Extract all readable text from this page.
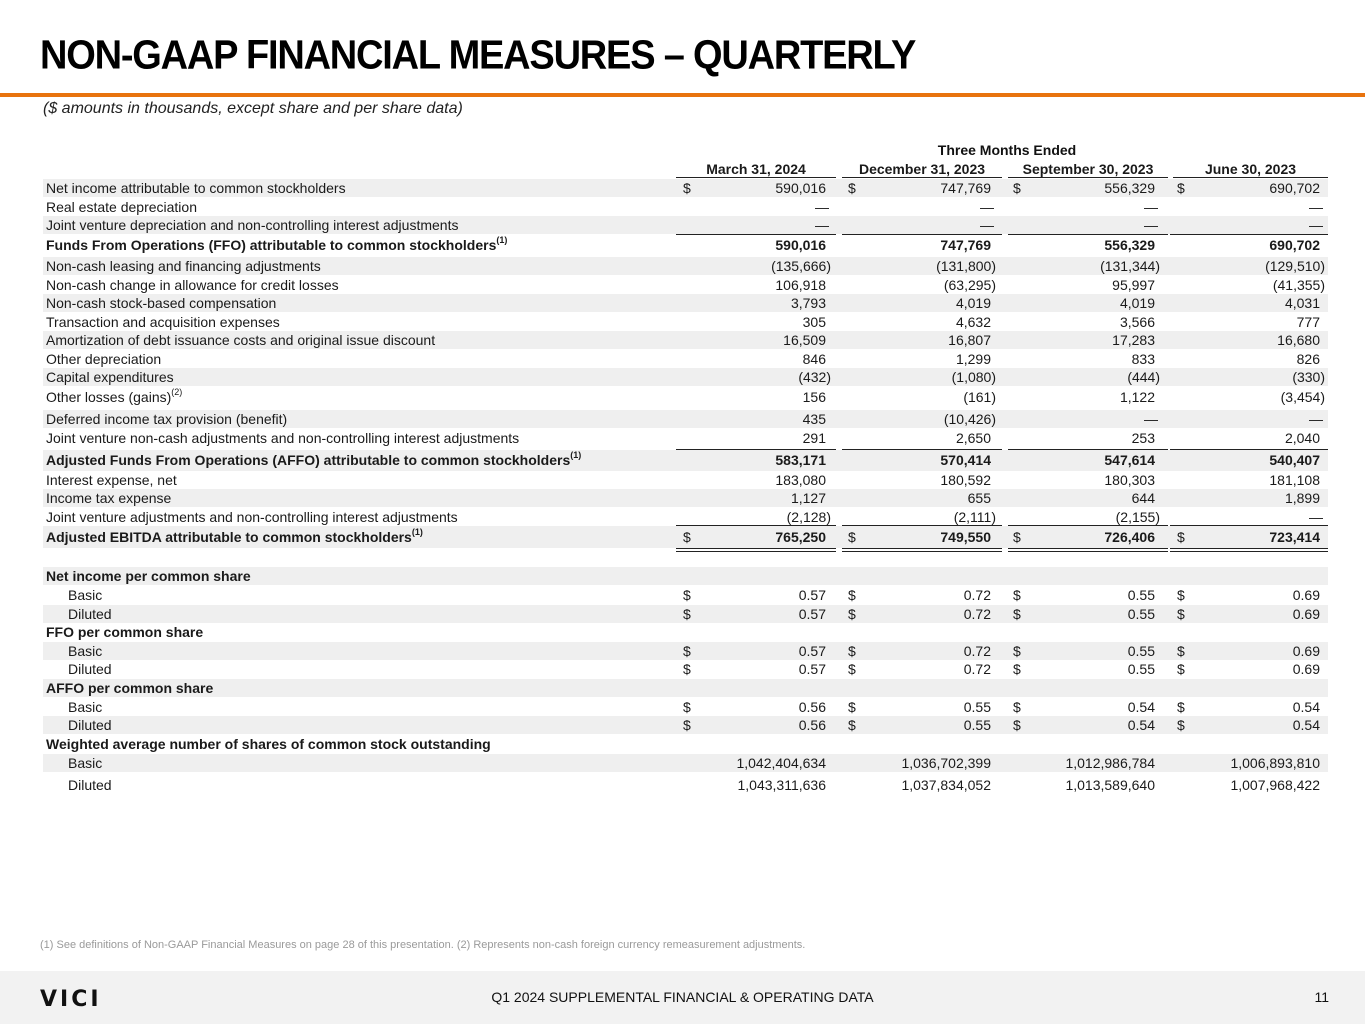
NON-GAAP FINANCIAL MEASURES – QUARTERLY
($ amounts in thousands, except share and per share data)
Three Months Ended
March 31, 2024	December 31, 2023	September 30, 2023	June 30, 2023
Net income attributable to common stockholders	$	590,016 $	747,769 $	556,329 $	690,702
Real estate depreciation	—	—	—	—
Joint venture depreciation and non-controlling interest adjustments	—	—	—	—
Funds From Operations (FFO) attributable to common stockholders$^{(1)}$	590,016	747,769	556,329	690,702
Non-cash leasing and financing adjustments	(135,666)	(131,800)	(131,344)	(129,510)
Non-cash change in allowance for credit losses	106,918	(63,295)	95,997	(41,355)
Non-cash stock-based compensation	3,793	4,019	4,019	4,031
Transaction and acquisition expenses	305	4,632	3,566	777
Amortization of debt issuance costs and original issue discount	16,509	16,807	17,283	16,680
Other depreciation	846	1,299	833	826
Capital expenditures	(432)	(1,080)	(444)	(330)
Other losses (gains)$^{(2)}$	156	(161)	1,122	(3,454)
Deferred income tax provision (benefit)	435	(10,426)	—	—
Joint venture non-cash adjustments and non-controlling interest adjustments	291	2,650	253	2,040
Adjusted Funds From Operations (AFFO) attributable to common stockholders$^{(1)}$	583,171	570,414	547,614	540,407
Interest expense, net	183,080	180,592	180,303	181,108
Income tax expense	1,127	655	644	1,899
Joint venture adjustments and non-controlling interest adjustments	(2,128)	(2,111)	(2,155)	—
Adjusted EBITDA attributable to common stockholders$^{(1)}$	$	765,250 $	749,550 $	726,406 $	723,414
Net income per common share
Basic	$	0.57 $	0.72 $	0.55 $	0.69
Diluted	$	0.57 $	0.72 $	0.55 $	0.69
FFO per common share
Basic	$	0.57 $	0.72 $	0.55 $	0.69
Diluted	$	0.57 $	0.72 $	0.55 $	0.69
AFFO per common share
Basic	$	0.56 $	0.55 $	0.54 $	0.54
Diluted	$	0.56 $	0.55 $	0.54 $	0.54
Weighted average number of shares of common stock outstanding
Basic	1,042,404,634	1,036,702,399	1,012,986,784	1,006,893,810
Diluted	1,043,311,636	1,037,834,052	1,013,589,640	1,007,968,422
(1) See definitions of Non-GAAP Financial Measures on page 28 of this presentation. (2) Represents non-cash foreign currency remeasurement adjustments.
VICI	Q1 2024 SUPPLEMENTAL FINANCIAL & OPERATING DATA	11
